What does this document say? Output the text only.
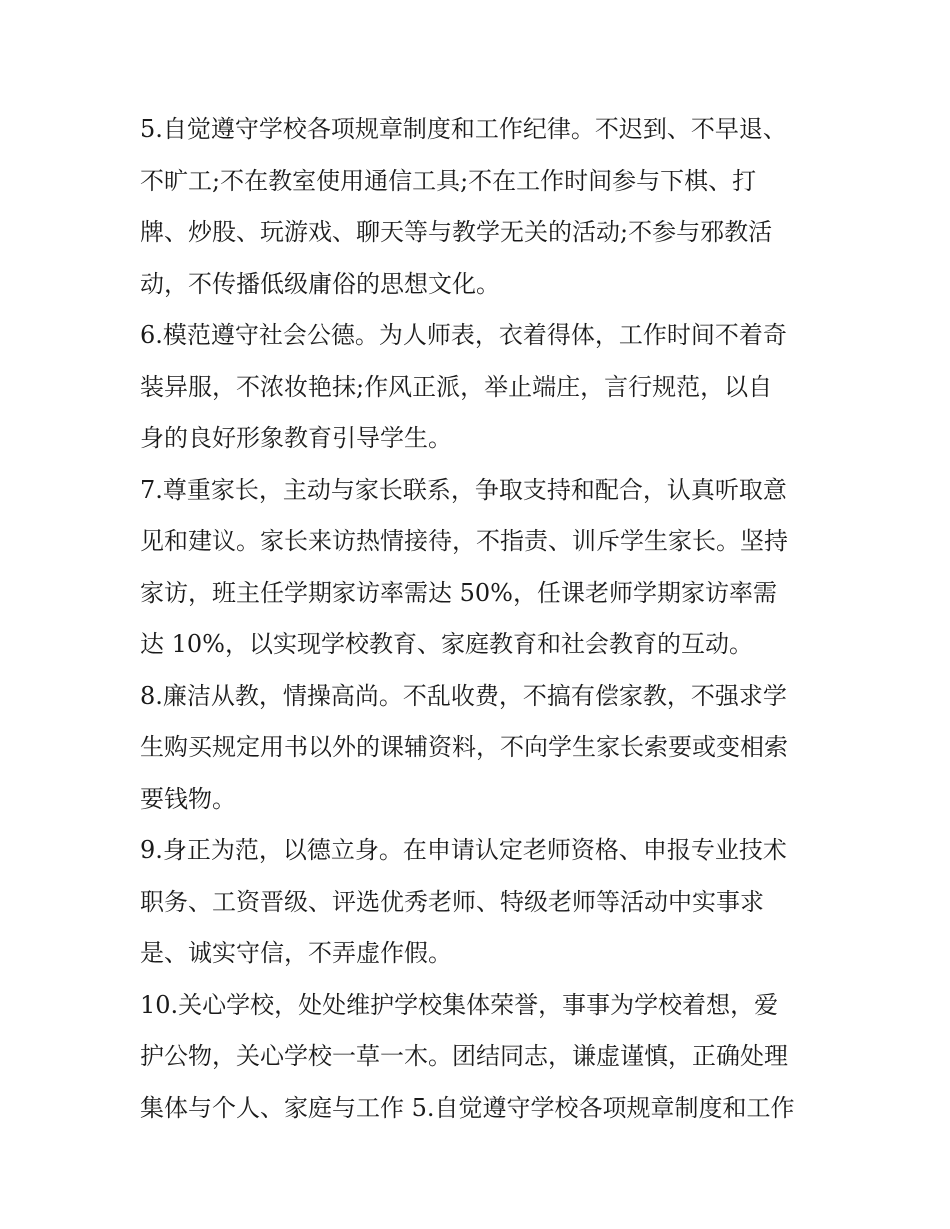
5.自觉遵守学校各项规章制度和工作纪律。不迟到、不早退、
不旷工;不在教室使用通信工具;不在工作时间参与下棋、打
牌、炒股、玩游戏、聊天等与教学无关的活动;不参与邪教活
动，不传播低级庸俗的思想文化。
6.模范遵守社会公德。为人师表，衣着得体，工作时间不着奇
装异服，不浓妆艳抹;作风正派，举止端庄，言行规范，以自
身的良好形象教育引导学生。
7.尊重家长，主动与家长联系，争取支持和配合，认真听取意
见和建议。家长来访热情接待，不指责、训斥学生家长。坚持
家访，班主任学期家访率需达 50%，任课老师学期家访率需
达 10%，以实现学校教育、家庭教育和社会教育的互动。
8.廉洁从教，情操高尚。不乱收费，不搞有偿家教，不强求学
生购买规定用书以外的课辅资料，不向学生家长索要或变相索
要钱物。
9.身正为范，以德立身。在申请认定老师资格、申报专业技术
职务、工资晋级、评选优秀老师、特级老师等活动中实事求
是、诚实守信，不弄虚作假。
10.关心学校，处处维护学校集体荣誉，事事为学校着想，爱
护公物，关心学校一草一木。团结同志，谦虚谨慎，正确处理
集体与个人、家庭与工作 5.自觉遵守学校各项规章制度和工作
